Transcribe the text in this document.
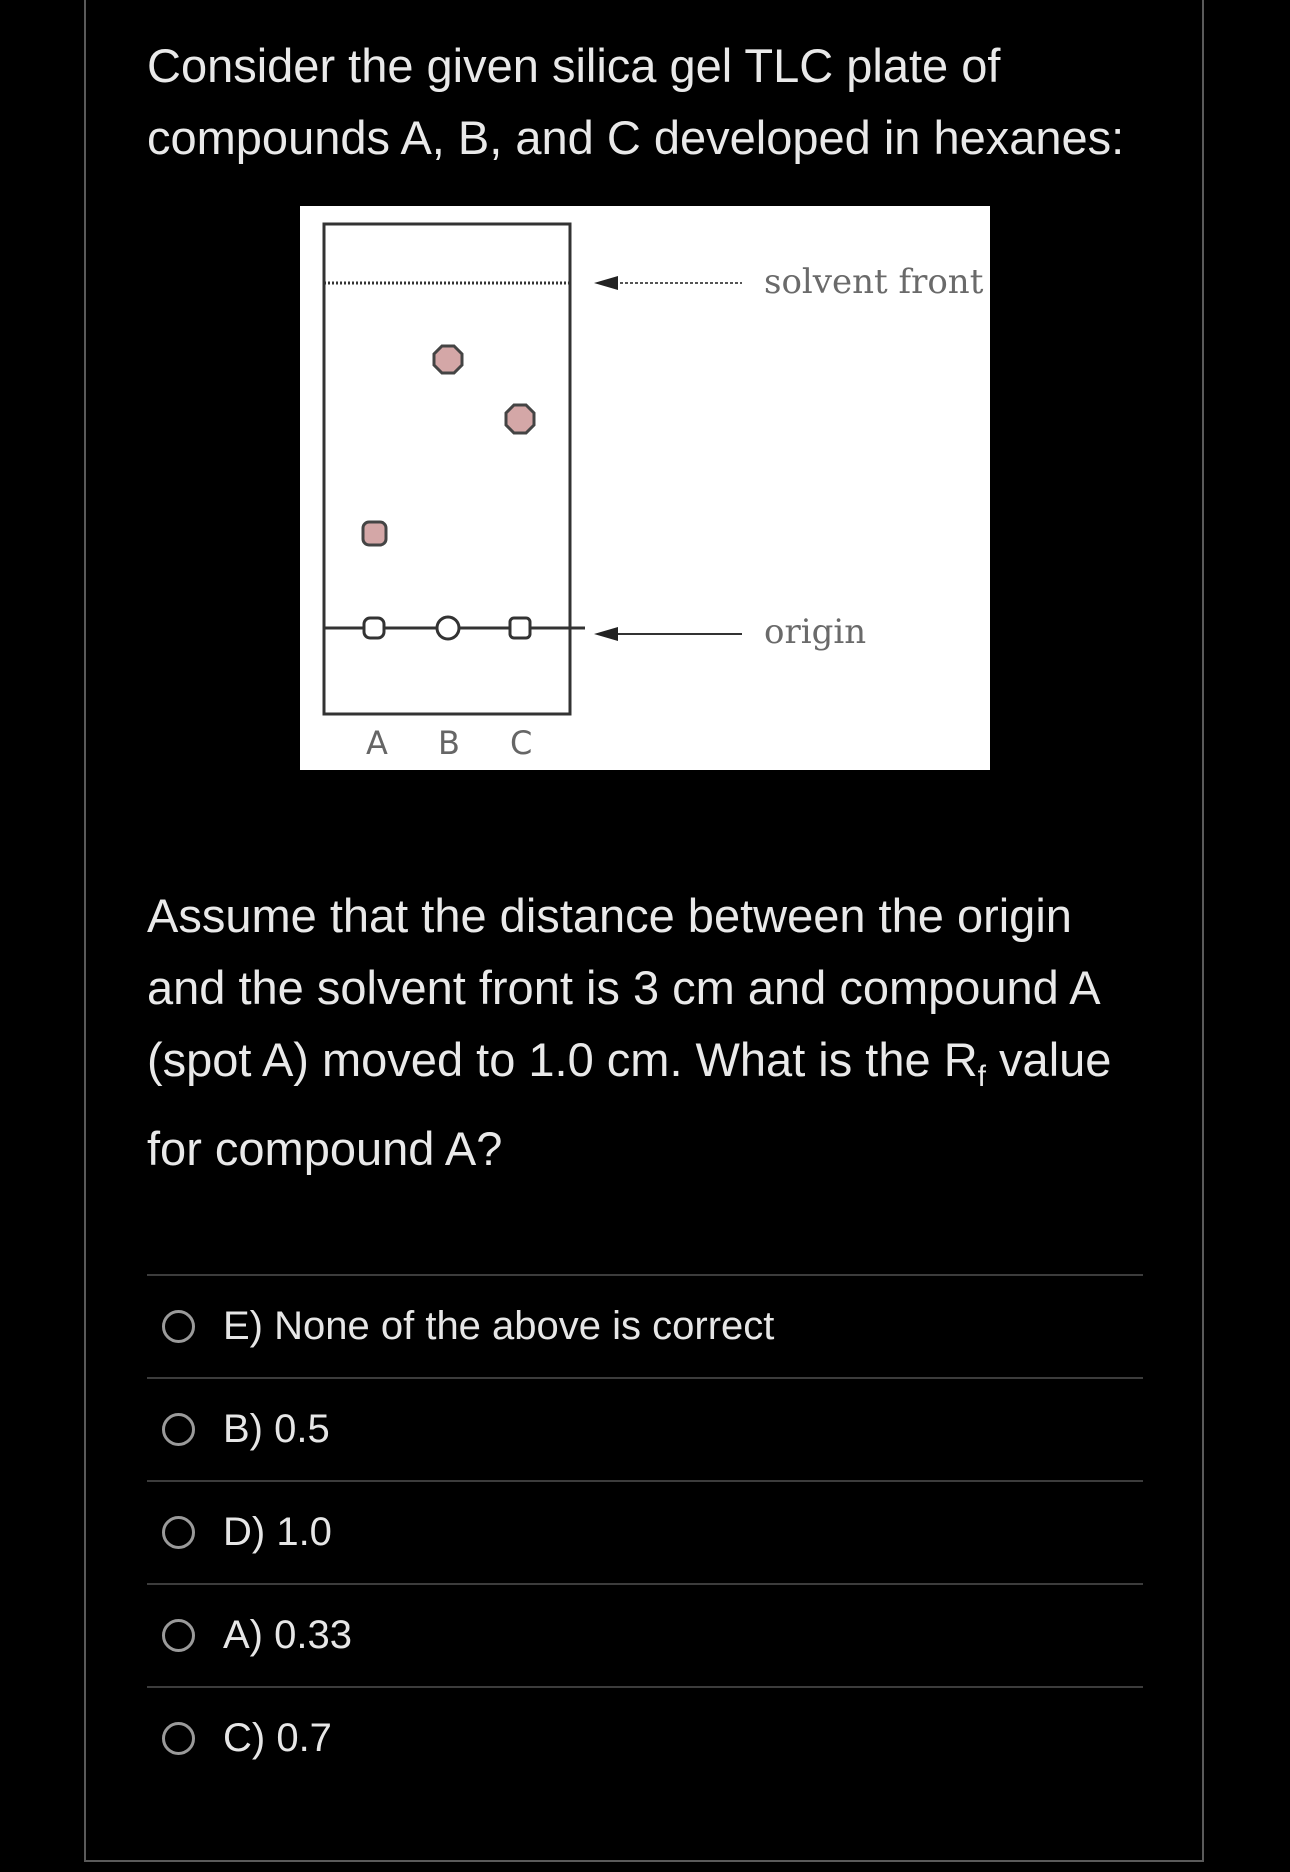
Consider the given silica gel TLC plate of compounds A, B, and C developed in hexanes:

solvent front
origin
A B C

Assume that the distance between the origin and the solvent front is 3 cm and compound A (spot A) moved to 1.0 cm. What is the $R_f$ value for compound A?

E) None of the above is correct
B) 0.5
D) 1.0
A) 0.33
C) 0.7
